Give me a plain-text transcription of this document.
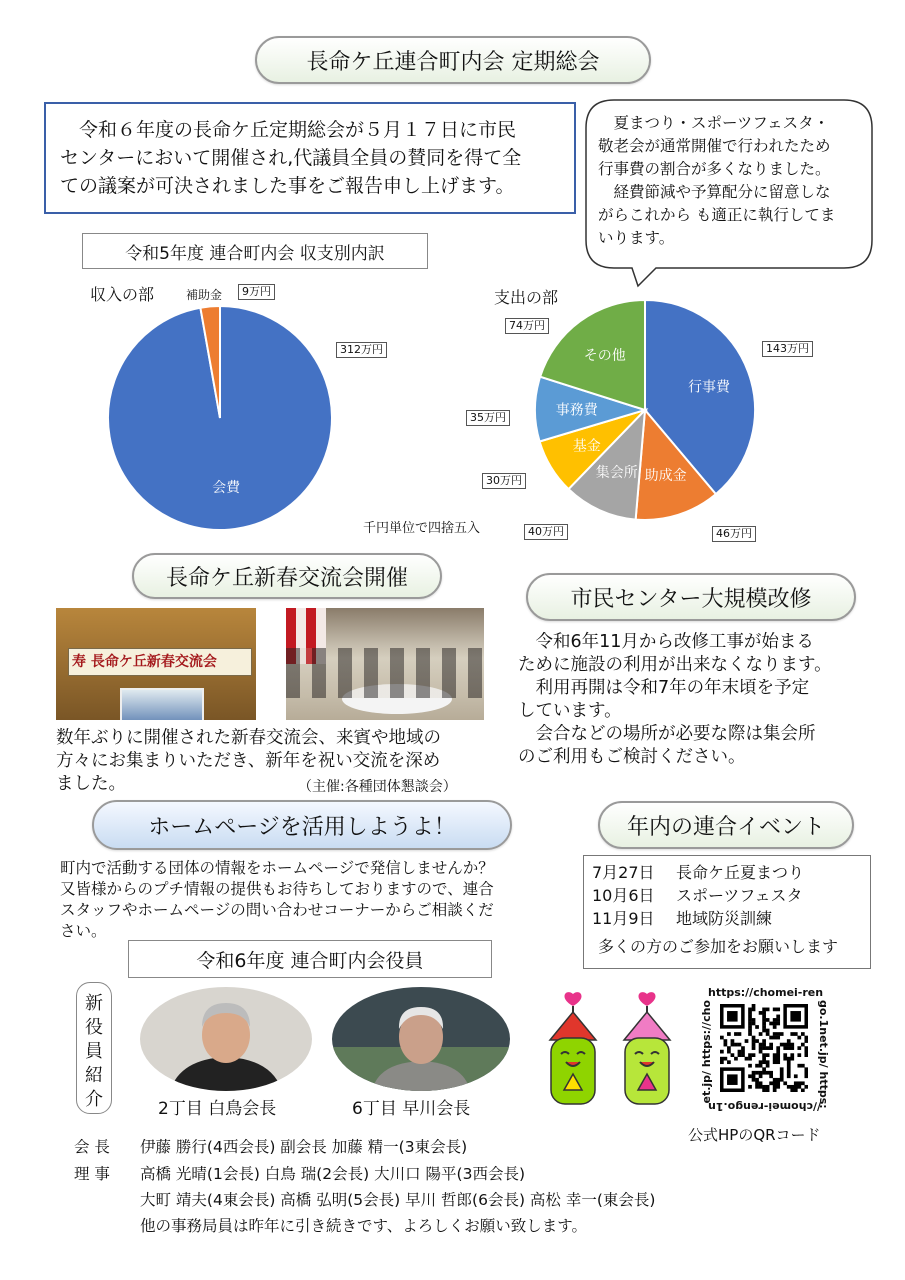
長命ケ丘連合町内会 定期総会
　令和６年度の長命ケ丘定期総会が５月１７日に市民
センターにおいて開催され,代議員全員の賛同を得て全
ての議案が可決されました事をご報告申し上げます。
　夏まつり・スポーツフェスタ・
敬老会が通常開催で行われたため
行事費の割合が多くなりました。
　経費節減や予算配分に留意しな
がらこれから も適正に執行してま
いります。
令和5年度 連合町内会 収支別内訳
収入の部
会費
補助金	9万円
312万円
千円単位で四捨五入
支出の部
行事費
助成金
集会所
基金
事務費
その他
74万円
143万円
35万円
30万円
40万円	46万円
長命ケ丘新春交流会開催
寿 長命ケ丘新春交流会
数年ぶりに開催された新春交流会、来賓や地域の
方々にお集まりいただき、新年を祝い交流を深め
ました。	（主催:各種団体懇談会）
市民センター大規模改修
　令和6年11月から改修工事が始まる
ために施設の利用が出来なくなります。
　利用再開は令和7年の年末頃を予定
しています。
　会合などの場所が必要な際は集会所
のご利用もご検討ください。
ホームページを活用しようよ！
町内で活動する団体の情報をホームページで発信しませんか？
又皆様からのプチ情報の提供もお待ちしておりますので、連合
スタッフやホームページの問い合わせコーナーからご相談くだ
さい。
年内の連合イベント
7月27日 長命ケ丘夏まつり
10月6日 スポーツフェスタ
11月9日 地域防災訓練
多くの方のご参加をお願いします
令和6年度 連合町内会役員
新
役
員
紹
介	2丁目 白鳥会長	6丁目 早川会長
https://chomei-ren
go.1net.jp/ https:
//chomei-rengo.1n
et.jp/ https://cho
公式HPのQRコード
会 長 伊藤 勝行(4西会長) 副会長 加藤 精一(3東会長)
理 事 高橋 光晴(1会長) 白鳥 瑞(2会長) 大川口 陽平(3西会長)
大町 靖夫(4東会長) 高橋 弘明(5会長) 早川 哲郎(6会長) 高松 幸一(東会長)
他の事務局員は昨年に引き続きです、よろしくお願い致します。
